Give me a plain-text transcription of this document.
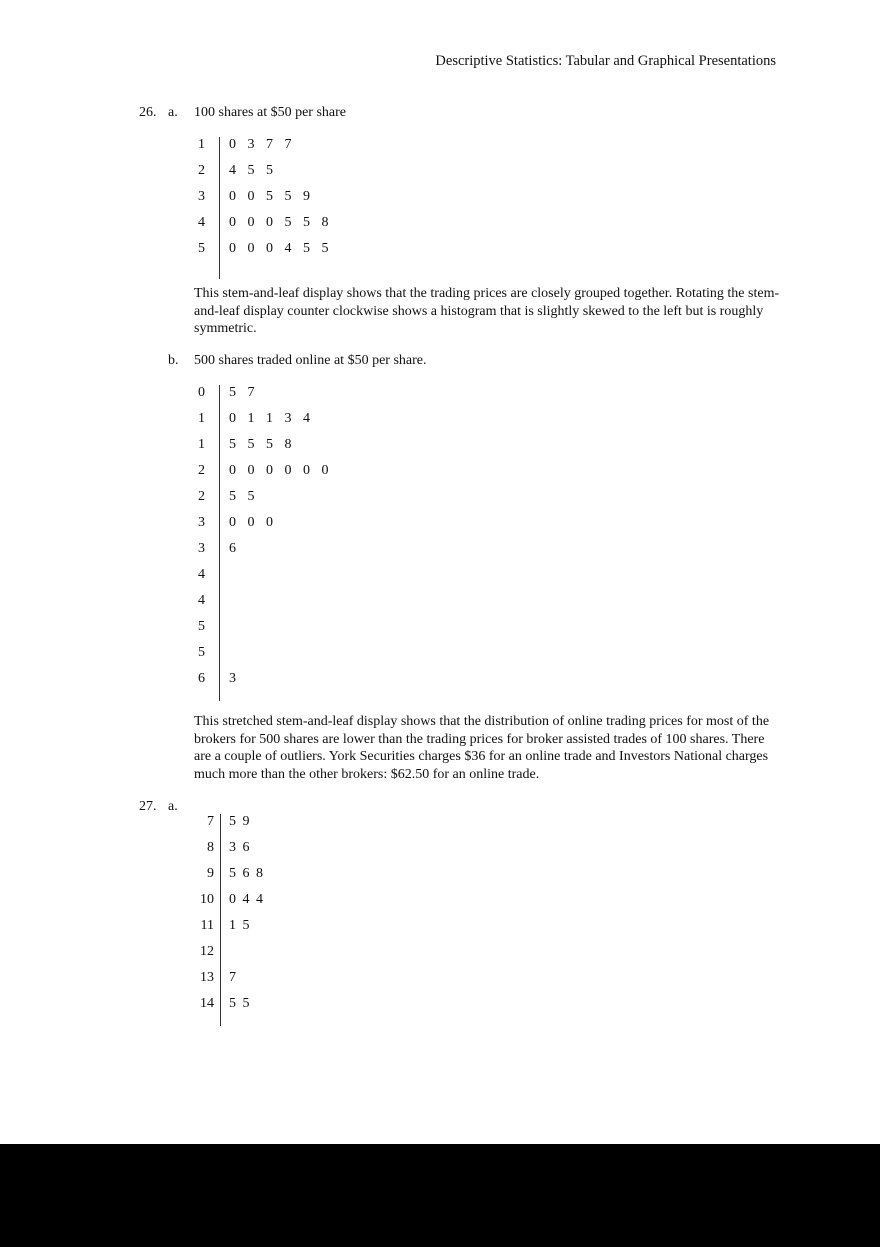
Descriptive Statistics: Tabular and Graphical Presentations
26. a. 100 shares at $50 per share
This stem-and-leaf display shows that the trading prices are closely grouped together. Rotating the stem-and-leaf display counter clockwise shows a histogram that is slightly skewed to the left but is roughly symmetric.
b. 500 shares traded online at $50 per share.
This stretched stem-and-leaf display shows that the distribution of online trading prices for most of the brokers for 500 shares are lower than the trading prices for broker assisted trades of 100 shares. There are a couple of outliers. York Securities charges $36 for an online trade and Investors National charges much more than the other brokers: $62.50 for an online trade.
27. a.
1 0 3 7 7
2 4 5 5
3 0 0 5 5 9
4 0 0 0 5 5 8
5 0 0 0 4 5 5
0 5 7
1 0 1 1 3 4
1 5 5 5 8
2 0 0 0 0 0 0
2 5 5
3 0 0 0
3 6
4
4
5
5
6 3
7 5 9
8 3 6
9 5 6 8
10 0 4 4
11 1 5
12
13 7
14 5 5
